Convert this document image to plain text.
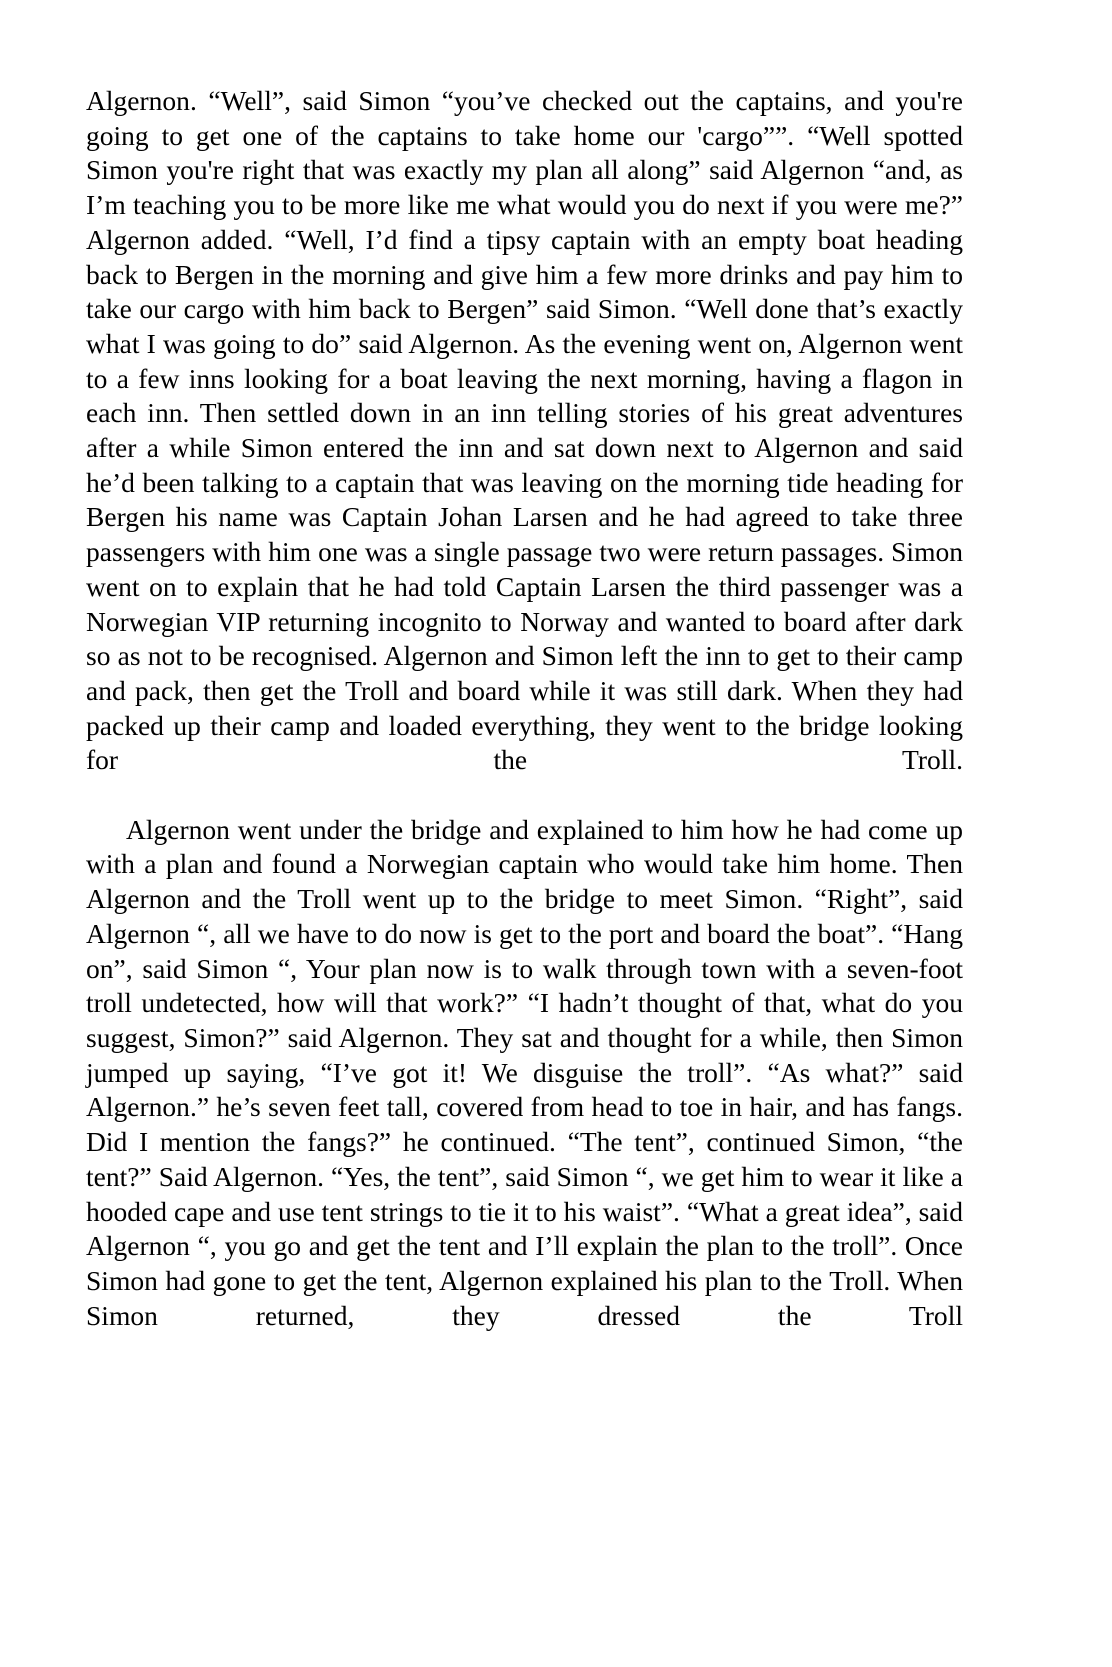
Algernon. “Well”, said Simon “you’ve checked out the captains, and you're going to get one of the captains to take home our 'cargo””. “Well spotted Simon you're right that was exactly my plan all along” said Algernon “and, as I’m teaching you to be more like me what would you do next if you were me?” Algernon added. “Well, I’d find a tipsy captain with an empty boat heading back to Bergen in the morning and give him a few more drinks and pay him to take our cargo with him back to Bergen” said Simon. “Well done that’s exactly what I was going to do” said Algernon. As the evening went on, Algernon went to a few inns looking for a boat leaving the next morning, having a flagon in each inn. Then settled down in an inn telling stories of his great adventures after a while Simon entered the inn and sat down next to Algernon and said he’d been talking to a captain that was leaving on the morning tide heading for Bergen his name was Captain Johan Larsen and he had agreed to take three passengers with him one was a single passage two were return passages. Simon went on to explain that he had told Captain Larsen the third passenger was a Norwegian VIP returning incognito to Norway and wanted to board after dark so as not to be recognised. Algernon and Simon left the inn to get to their camp and pack, then get the Troll and board while it was still dark. When they had packed up their camp and loaded everything, they went to the bridge looking for the Troll.

Algernon went under the bridge and explained to him how he had come up with a plan and found a Norwegian captain who would take him home. Then Algernon and the Troll went up to the bridge to meet Simon. “Right”, said Algernon “, all we have to do now is get to the port and board the boat”. “Hang on”, said Simon “, Your plan now is to walk through town with a seven-foot troll undetected, how will that work?” “I hadn’t thought of that, what do you suggest, Simon?” said Algernon. They sat and thought for a while, then Simon jumped up saying, “I’ve got it! We disguise the troll”. “As what?” said Algernon.” he’s seven feet tall, covered from head to toe in hair, and has fangs. Did I mention the fangs?” he continued. “The tent”, continued Simon, “the tent?” Said Algernon. “Yes, the tent”, said Simon “, we get him to wear it like a hooded cape and use tent strings to tie it to his waist”. “What a great idea”, said Algernon “, you go and get the tent and I’ll explain the plan to the troll”. Once Simon had gone to get the tent, Algernon explained his plan to the Troll. When Simon returned, they dressed the Troll
